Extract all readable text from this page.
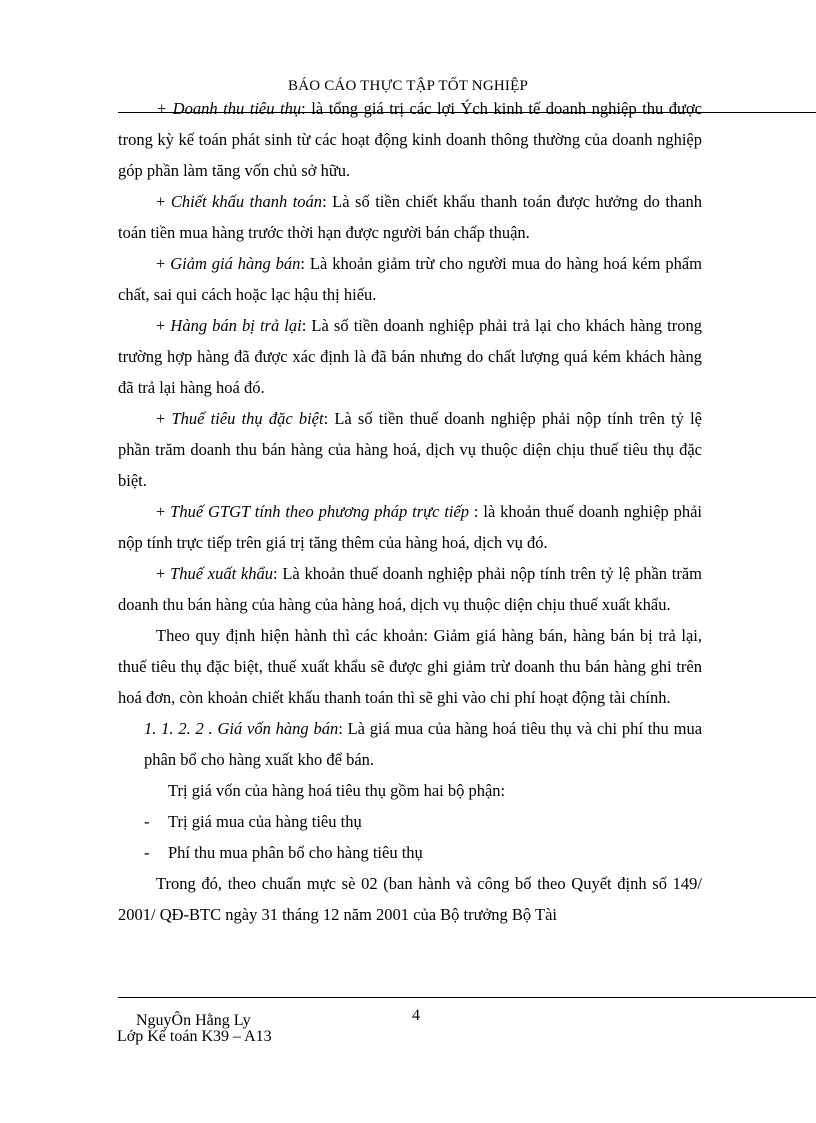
BÁO CÁO THỰC TẬP TỐT NGHIỆP

+ Doanh thu tiêu thụ: là tổng giá trị các lợi Ých kinh tế doanh nghiệp thu được trong kỳ kế toán phát sinh từ các hoạt động kinh doanh thông thường của doanh nghiệp góp phần làm tăng vốn chủ sở hữu.

+ Chiết khấu thanh toán: Là số tiền chiết khấu thanh toán được hưởng do thanh toán tiền mua hàng trước thời hạn được người bán chấp thuận.

+ Giảm giá hàng bán: Là khoản giảm trừ cho người mua do hàng hoá kém phẩm chất, sai qui cách hoặc lạc hậu thị hiếu.

+ Hàng bán bị trả lại: Là số tiền doanh nghiệp phải trả lại cho khách hàng trong trường hợp hàng đã được xác định là đã bán nhưng do chất lượng quá kém khách hàng đã trả lại hàng hoá đó.

+ Thuế tiêu thụ đặc biệt: Là số tiền thuế doanh nghiệp phải nộp tính trên tỷ lệ phần trăm doanh thu bán hàng của hàng hoá, dịch vụ thuộc diện chịu thuế tiêu thụ đặc biệt.

+ Thuế GTGT tính theo phương pháp trực tiếp : là khoản thuế doanh nghiệp phải nộp tính trực tiếp trên giá trị tăng thêm của hàng hoá, dịch vụ đó.

+ Thuế xuất khẩu: Là khoản thuế doanh nghiệp phải nộp tính trên tỷ lệ phần trăm doanh thu bán hàng của hàng của hàng hoá, dịch vụ thuộc diện chịu thuế xuất khẩu.

Theo quy định hiện hành thì các khoản: Giảm giá hàng bán, hàng bán bị trả lại, thuế tiêu thụ đặc biệt, thuế xuất khẩu sẽ được ghi giảm trừ doanh thu bán hàng ghi trên hoá đơn, còn khoản chiết khấu thanh toán thì sẽ ghi vào chi phí hoạt động tài chính.

1. 1. 2. 2 . Giá vốn hàng bán: Là giá mua của hàng hoá tiêu thụ và chi phí thu mua phân bổ cho hàng xuất kho để bán.

Trị giá vốn của hàng hoá tiêu thụ gồm hai bộ phận:

- Trị giá mua của hàng tiêu thụ

- Phí thu mua phân bổ cho hàng tiêu thụ

Trong đó, theo chuẩn mực sè 02 (ban hành và công bố theo Quyết định số 149/ 2001/ QĐ-BTC ngày 31 tháng 12 năm 2001 của Bộ trưởng Bộ Tài

4
NguyÔn Hằng Ly
Lớp Kế toán K39 – A13
